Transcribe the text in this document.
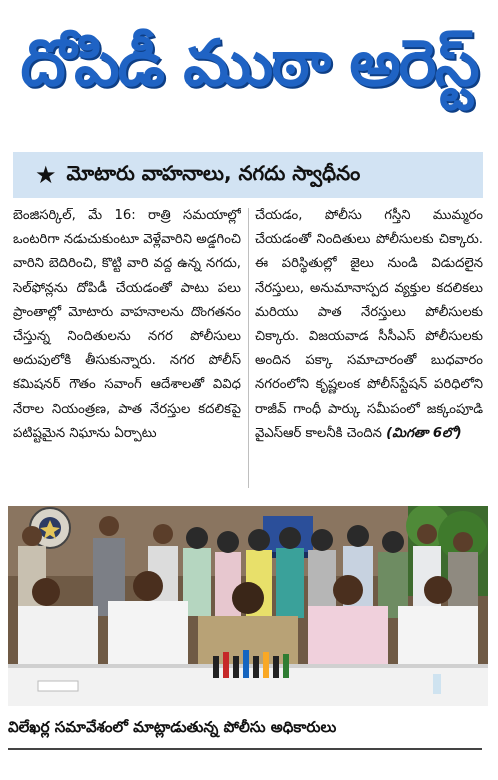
దోపిడీ ముఠా అరెస్ట్
★ మోటారు వాహనాలు, నగదు స్వాధీనం
బెంజిసర్కిల్, మే 16: రాత్రి సమయాల్లో ఒంటరిగా నడుచుకుంటూ వెళ్లేవారిని అడ్డగించి వారిని బెదిరించి, కొట్టి వారి వద్ద ఉన్న నగదు, సెల్‌ఫోన్లను దోపిడీ చేయడంతో పాటు పలు ప్రాంతాల్లో మోటారు వాహనాలను దొంగతనం చేస్తున్న నిందితులను నగర పోలీసులు అదుపులోకి తీసుకున్నారు. నగర పోలీస్ కమిషనర్ గౌతం సవాంగ్ ఆదేశాలతో వివిధ నేరాల నియంత్రణ, పాత నేరస్తుల కదలికపై పటిష్టమైన నిఘాను ఏర్పాటు
చేయడం, పోలీసు గస్తీని ముమ్మరం చేయడంతో నిందితులు పోలీసులకు చిక్కారు. ఈ పరిస్థితుల్లో జైలు నుండి విడుదలైన నేరస్తులు, అనుమానాస్పద వ్యక్తుల కదలికలు మరియు పాత నేరస్తులు పోలీసులకు చిక్కారు. విజయవాడ సీసీఎస్ పోలీసులకు అందిన పక్కా సమాచారంతో బుధవారం నగరంలోని కృష్ణలంక పోలీస్‌స్టేషన్ పరిధిలోని రాజీవ్ గాంధీ పార్కు సమీపంలో జక్కంపూడి వైఎస్ఆర్ కాలనీకి చెందిన (మిగతా 6లో)
విలేఖర్ల సమావేశంలో మాట్లాడుతున్న పోలీసు అధికారులు
